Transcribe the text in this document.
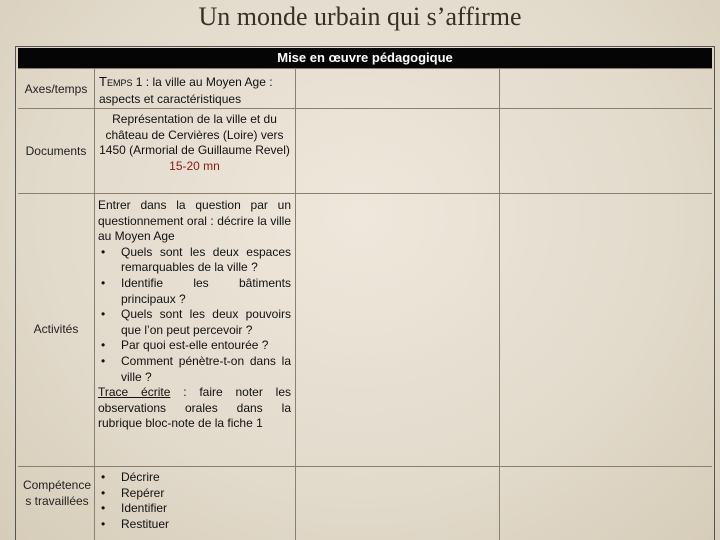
Un monde urbain qui s’affirme
Mise en œuvre pédagogique
Axes/temps TEMPS 1 : la ville au Moyen Age : aspects et caractéristiques
Documents
Représentation de la ville et du château de Cervières (Loire) vers 1450 (Armorial de Guillaume Revel)
15-20 mn
Activités
Entrer dans la question par un questionnement oral : décrire la ville au Moyen Age
• Quels sont les deux espaces remarquables de la ville ?
• Identifie les bâtiments principaux ?
• Quels sont les deux pouvoirs que l’on peut percevoir ?
• Par quoi est-elle entourée ?
• Comment pénètre-t-on dans la ville ?
Trace écrite : faire noter les observations orales dans la rubrique bloc-note de la fiche 1
Compétences travaillées
• Décrire
• Repérer
• Identifier
• Restituer
